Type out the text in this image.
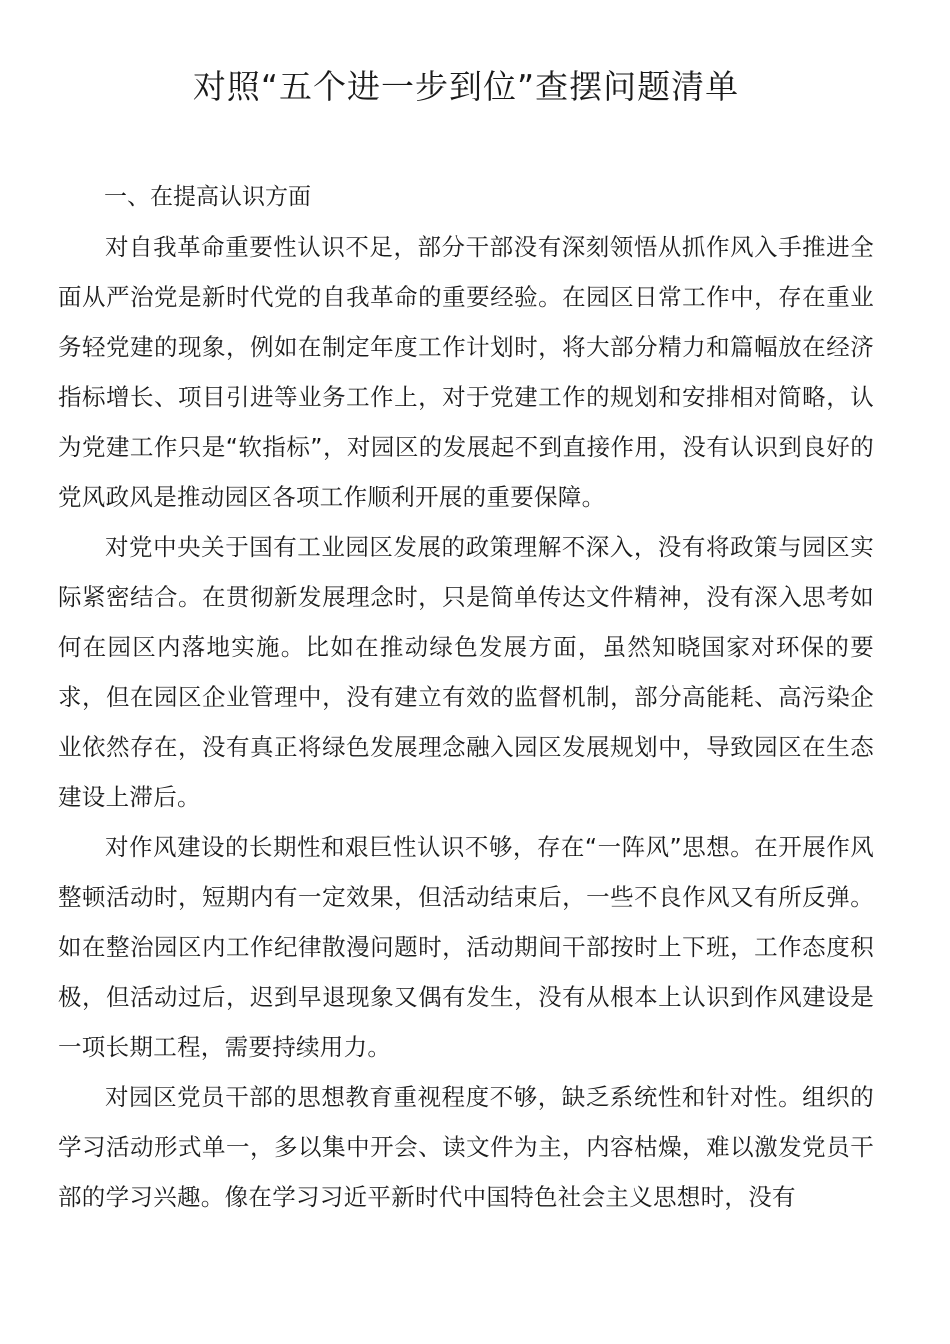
对照“五个进一步到位”查摆问题清单

一、在提高认识方面

对自我革命重要性认识不足，部分干部没有深刻领悟从抓作风入手推进全面从严治党是新时代党的自我革命的重要经验。在园区日常工作中，存在重业务轻党建的现象，例如在制定年度工作计划时，将大部分精力和篇幅放在经济指标增长、项目引进等业务工作上，对于党建工作的规划和安排相对简略，认为党建工作只是“软指标”，对园区的发展起不到直接作用，没有认识到良好的党风政风是推动园区各项工作顺利开展的重要保障。

对党中央关于国有工业园区发展的政策理解不深入，没有将政策与园区实际紧密结合。在贯彻新发展理念时，只是简单传达文件精神，没有深入思考如何在园区内落地实施。比如在推动绿色发展方面，虽然知晓国家对环保的要求，但在园区企业管理中，没有建立有效的监督机制，部分高能耗、高污染企业依然存在，没有真正将绿色发展理念融入园区发展规划中，导致园区在生态建设上滞后。

对作风建设的长期性和艰巨性认识不够，存在“一阵风”思想。在开展作风整顿活动时，短期内有一定效果，但活动结束后，一些不良作风又有所反弹。如在整治园区内工作纪律散漫问题时，活动期间干部按时上下班，工作态度积极，但活动过后，迟到早退现象又偶有发生，没有从根本上认识到作风建设是一项长期工程，需要持续用力。

对园区党员干部的思想教育重视程度不够，缺乏系统性和针对性。组织的学习活动形式单一，多以集中开会、读文件为主，内容枯燥，难以激发党员干部的学习兴趣。像在学习习近平新时代中国特色社会主义思想时，没有
